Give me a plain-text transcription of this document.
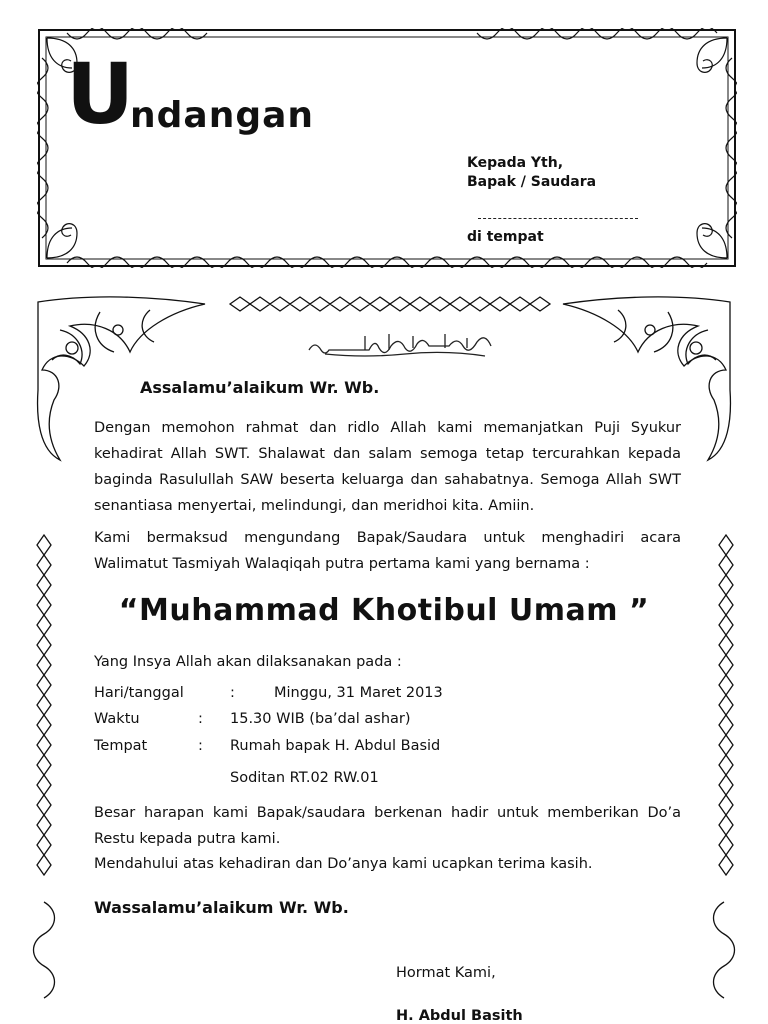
U
ndangan
Kepada Yth,
Bapak / Saudara
di tempat
Assalamu’alaikum Wr. Wb.
Dengan memohon rahmat dan ridlo Allah kami memanjatkan Puji Syukur kehadirat Allah SWT. Shalawat dan salam semoga tetap tercurahkan kepada baginda Rasulullah SAW beserta keluarga dan sahabatnya. Semoga Allah SWT senantiasa menyertai, melindungi, dan meridhoi kita. Amiin.
Kami bermaksud mengundang Bapak/Saudara untuk menghadiri acara Walimatut Tasmiyah Walaqiqah putra pertama kami yang bernama :
“Muhammad Khotibul Umam ”
Yang Insya Allah akan dilaksanakan pada :
Hari/tanggal	:	Minggu, 31 Maret 2013
Waktu	: 15.30 WIB (ba’dal ashar)
Tempat	: Rumah bapak H. Abdul Basid
Soditan RT.02 RW.01
Besar harapan kami Bapak/saudara berkenan hadir untuk memberikan Do’a Restu kepada putra kami.
Mendahului atas kehadiran dan Do’anya kami ucapkan terima kasih.
Wassalamu’alaikum Wr. Wb.
Hormat Kami,
H. Abdul Basith
